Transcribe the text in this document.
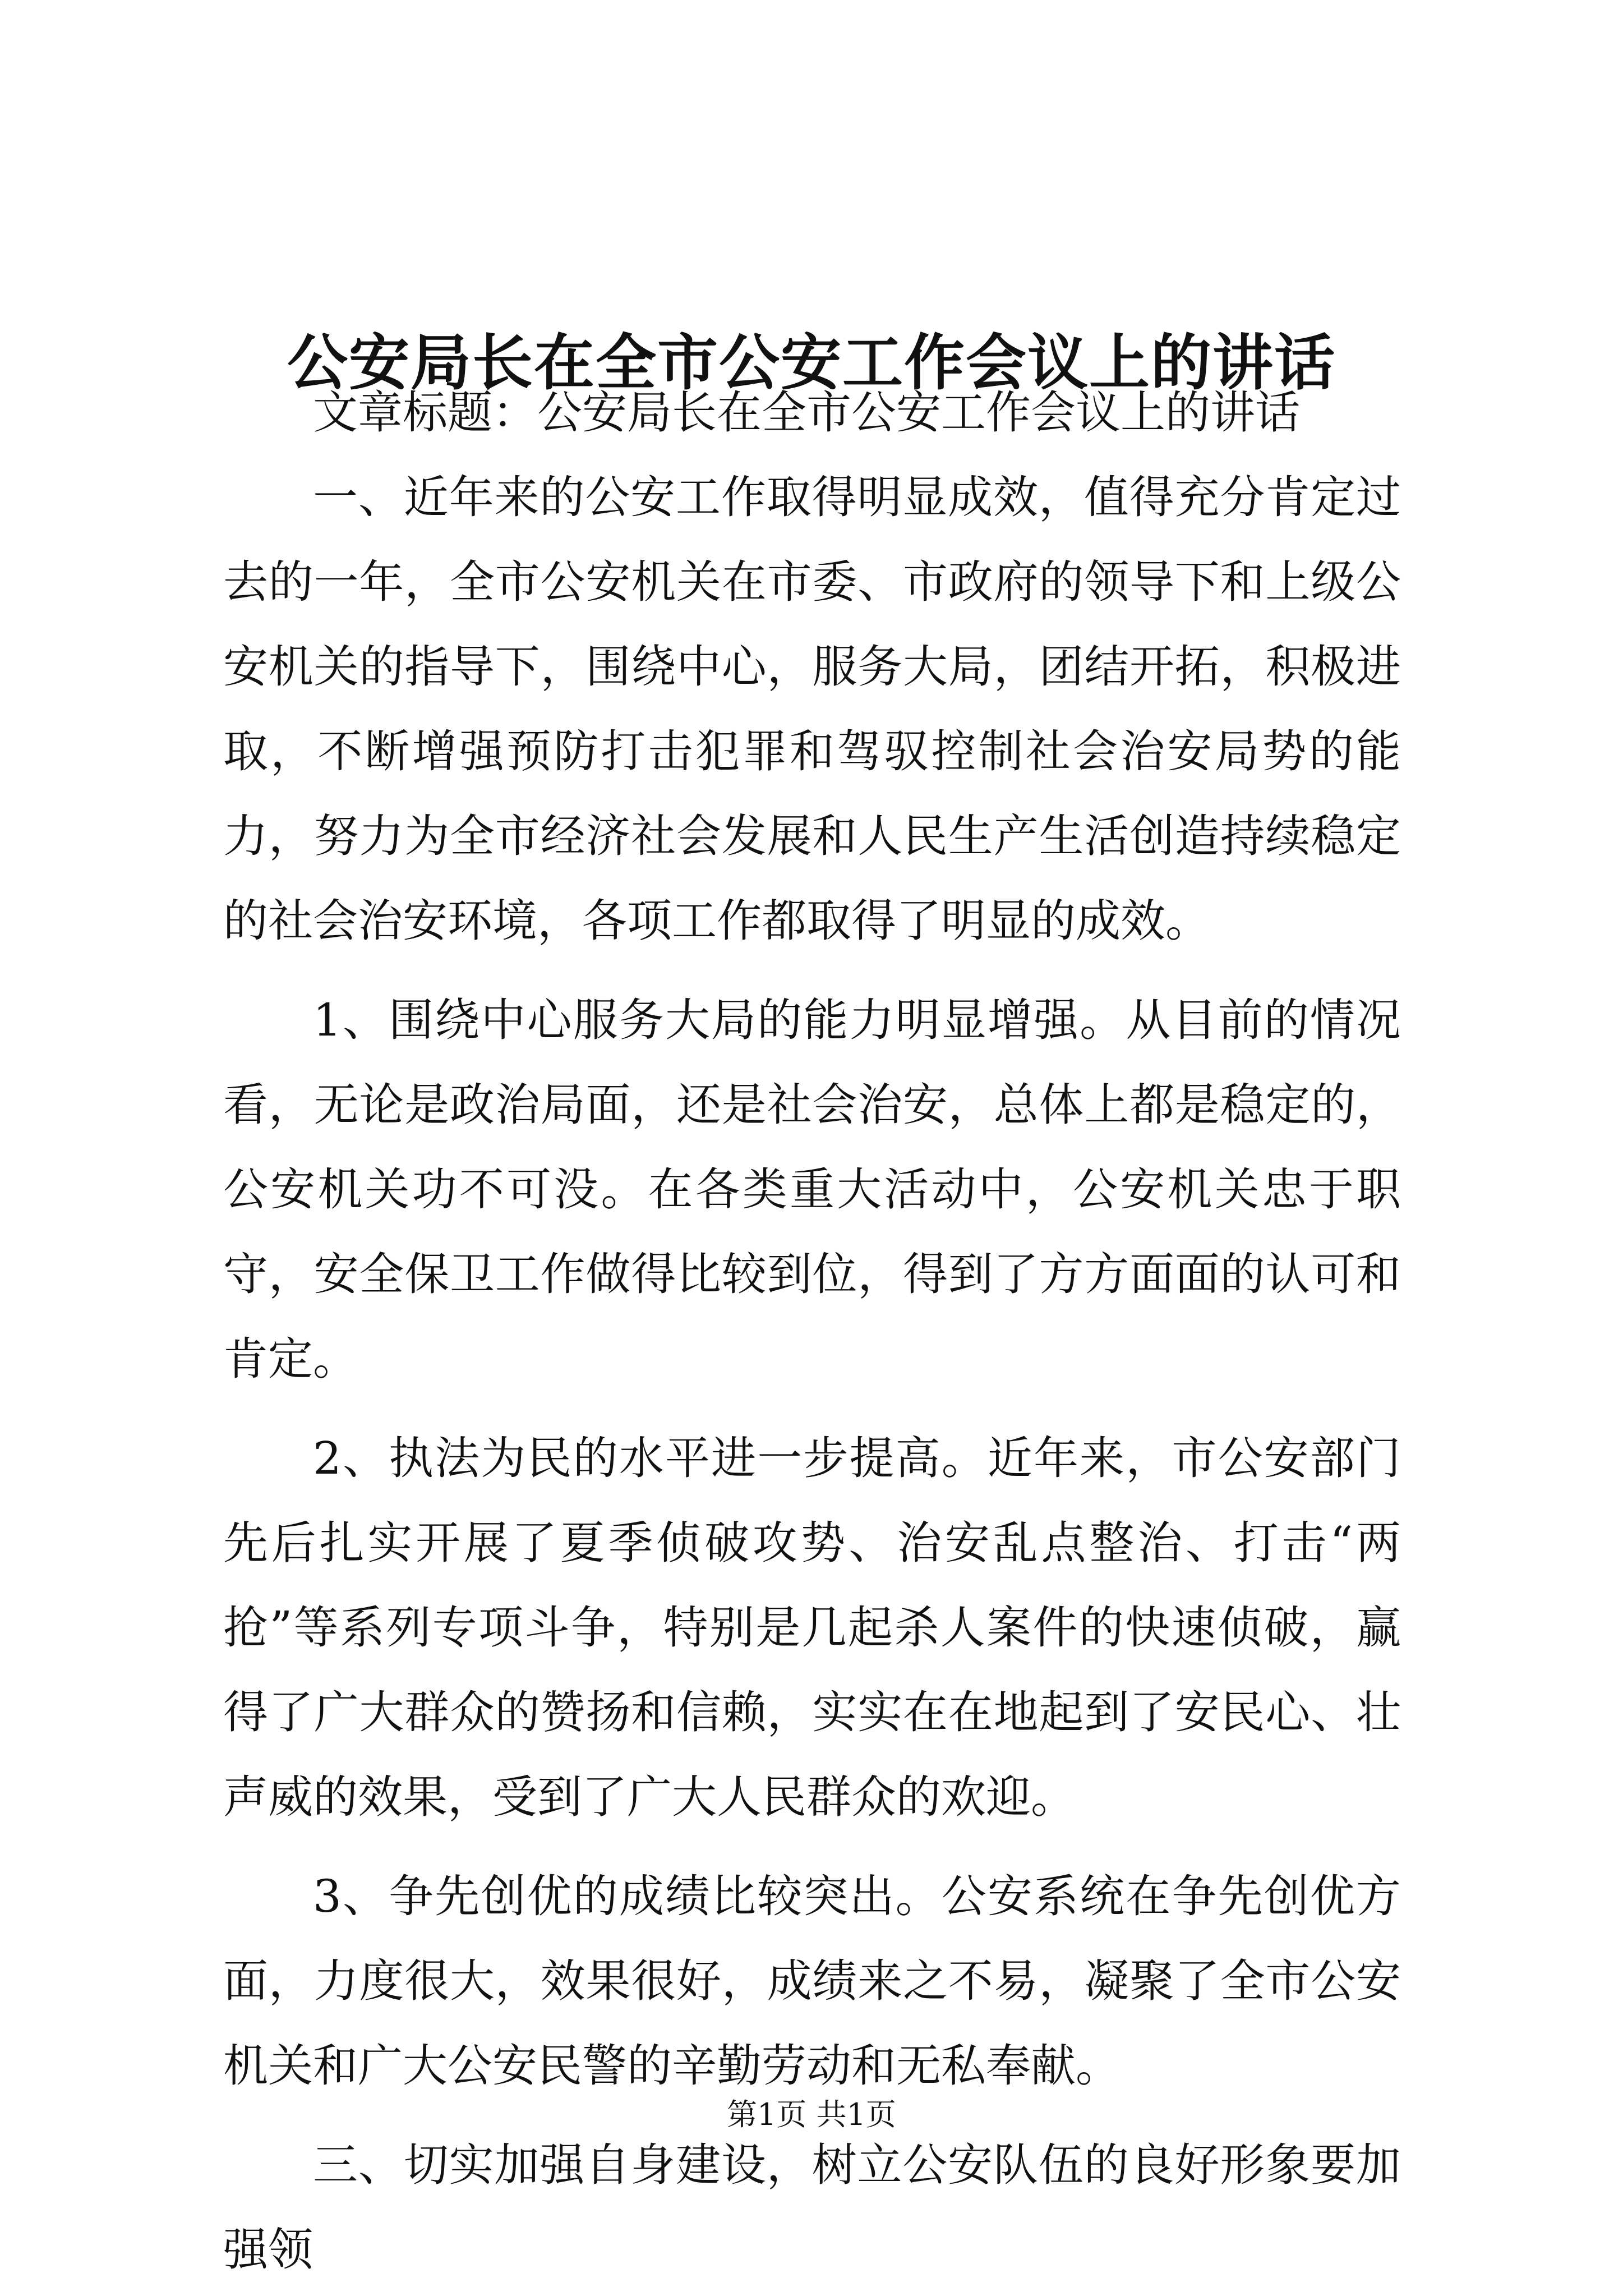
公安局长在全市公安工作会议上的讲话

文章标题：公安局长在全市公安工作会议上的讲话

一、近年来的公安工作取得明显成效，值得充分肯定过去的一年，全市公安机关在市委、市政府的领导下和上级公安机关的指导下，围绕中心，服务大局，团结开拓，积极进取，不断增强预防打击犯罪和驾驭控制社会治安局势的能力，努力为全市经济社会发展和人民生产生活创造持续稳定的社会治安环境，各项工作都取得了明显的成效。

1、围绕中心服务大局的能力明显增强。从目前的情况看，无论是政治局面，还是社会治安，总体上都是稳定的，公安机关功不可没。在各类重大活动中，公安机关忠于职守，安全保卫工作做得比较到位，得到了方方面面的认可和肯定。

2、执法为民的水平进一步提高。近年来，市公安部门先后扎实开展了夏季侦破攻势、治安乱点整治、打击“两抢”等系列专项斗争，特别是几起杀人案件的快速侦破，赢得了广大群众的赞扬和信赖，实实在在地起到了安民心、壮声威的效果，受到了广大人民群众的欢迎。

3、争先创优的成绩比较突出。公安系统在争先创优方面，力度很大，效果很好，成绩来之不易，凝聚了全市公安机关和广大公安民警的辛勤劳动和无私奉献。

三、切实加强自身建设，树立公安队伍的良好形象要加强领

第1页 共1页
